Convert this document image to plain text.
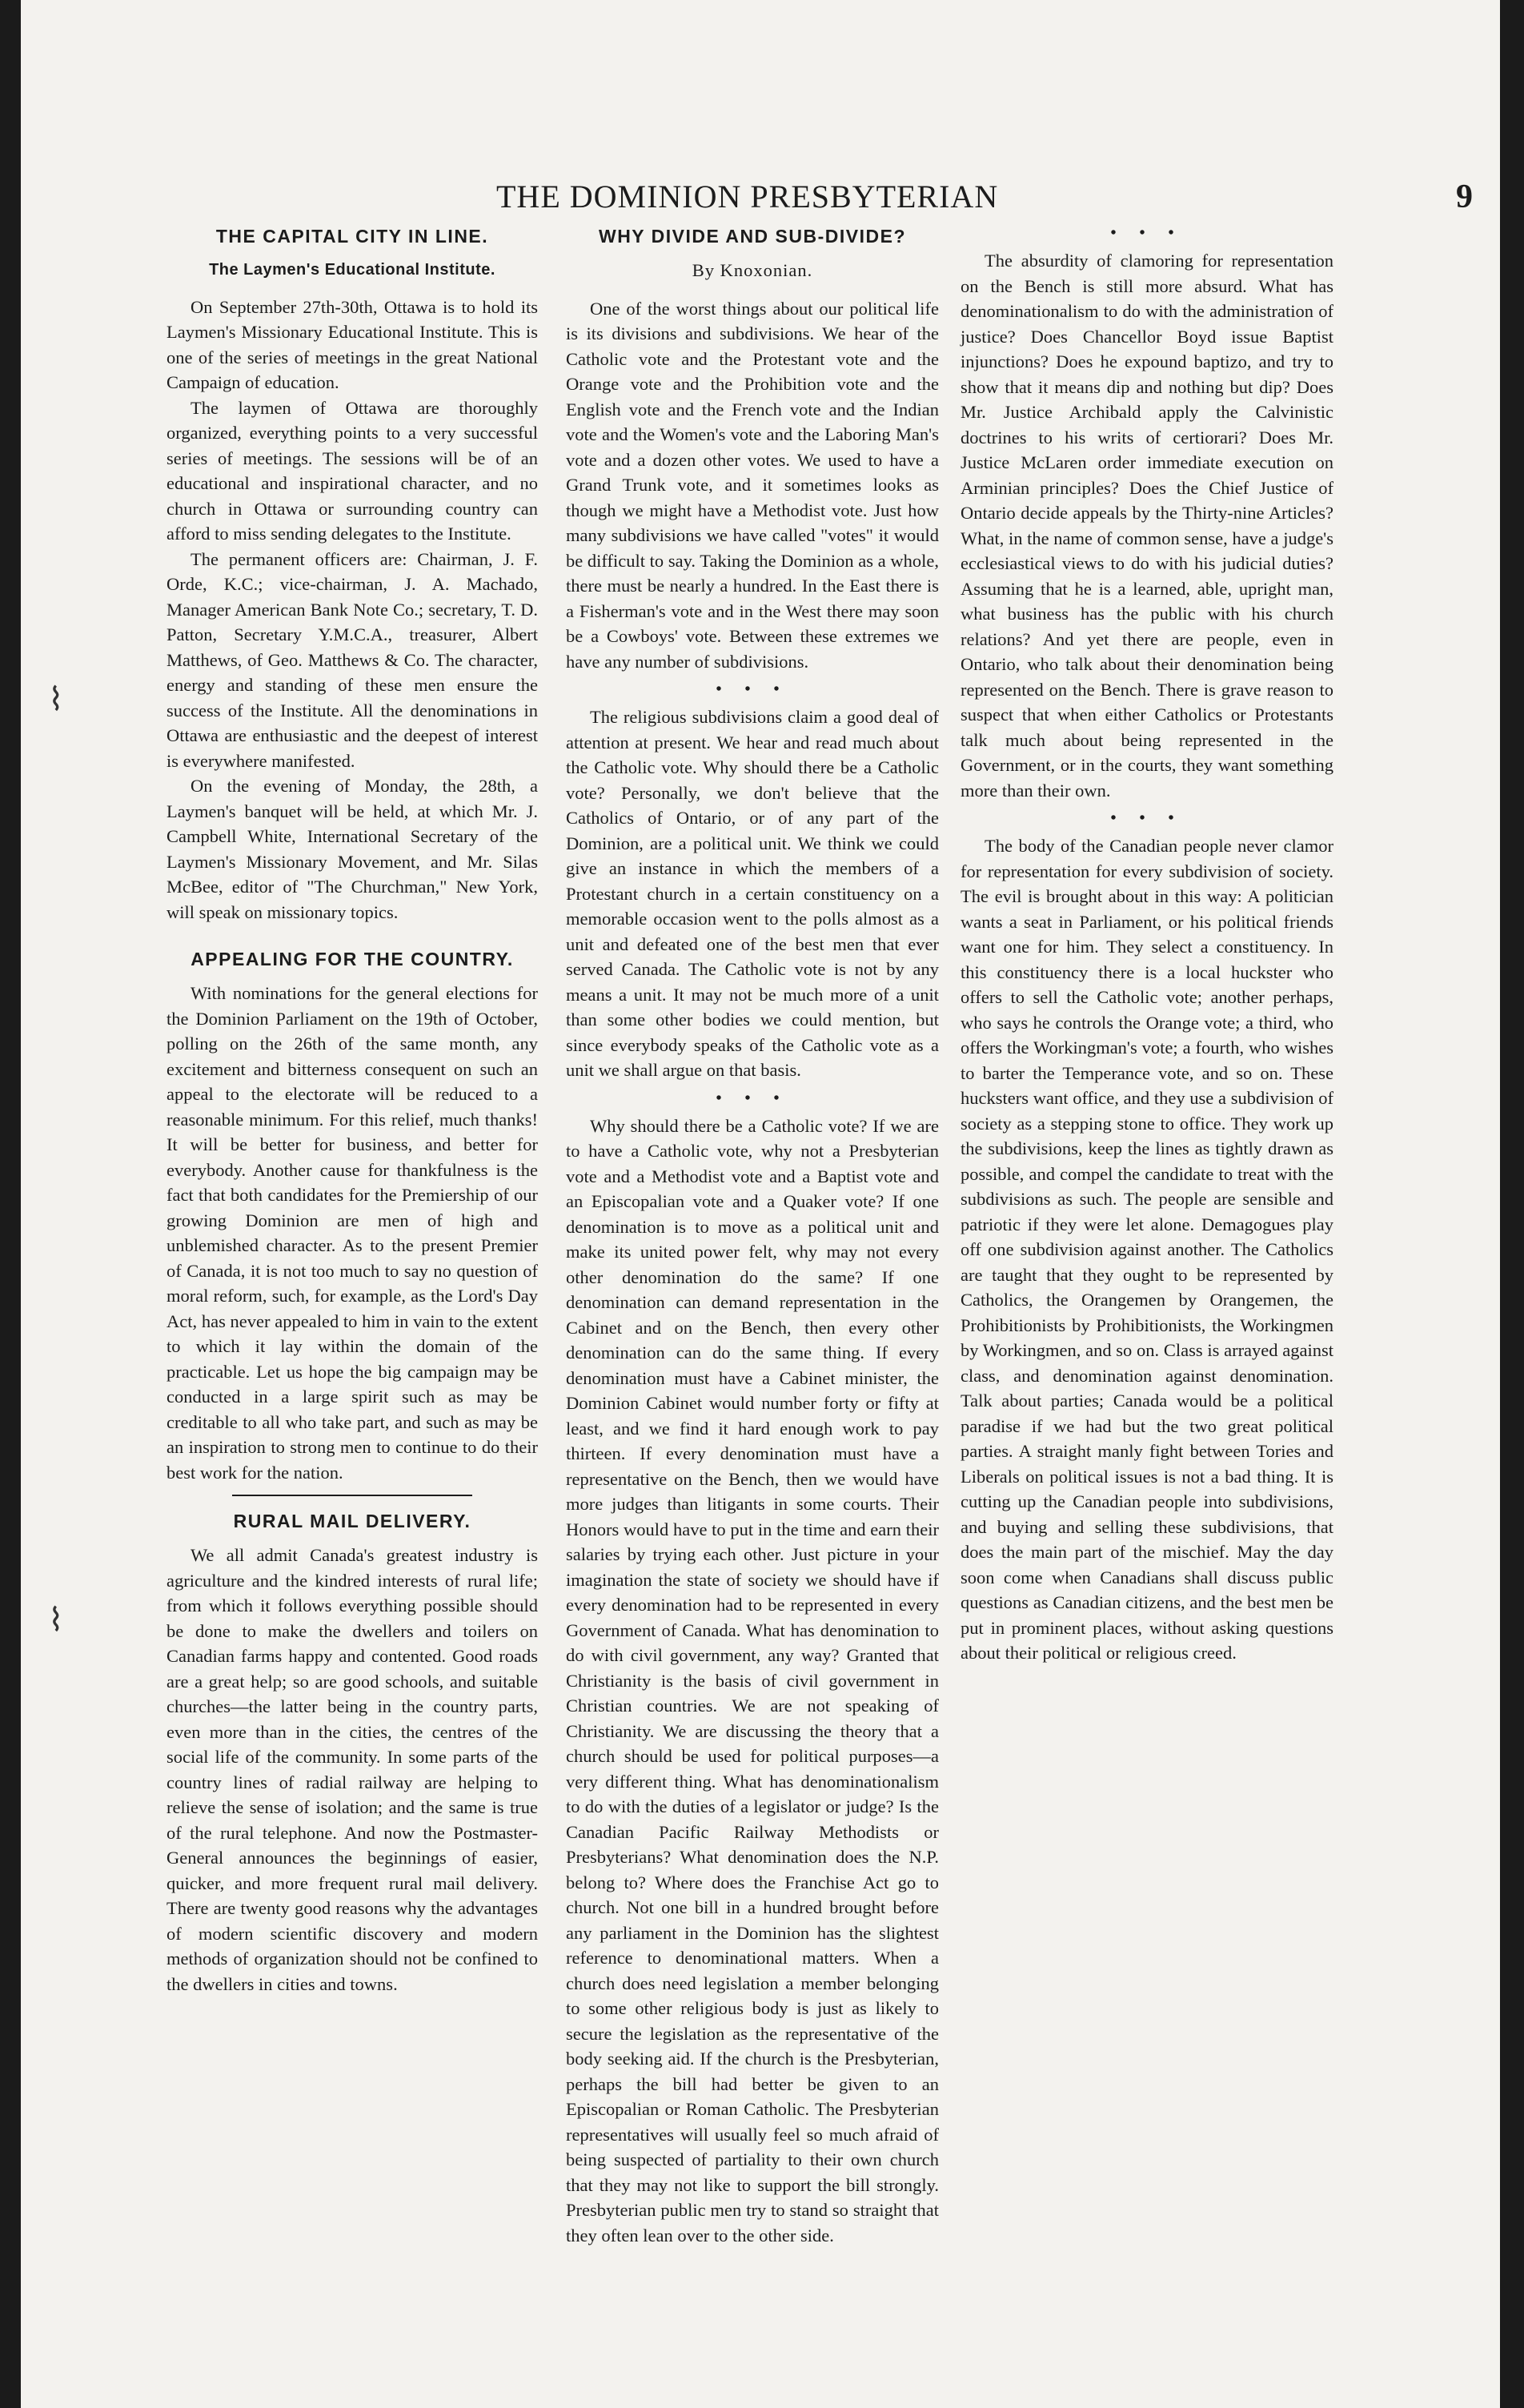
THE DOMINION PRESBYTERIAN	9
⌇
⌇
THE CAPITAL CITY IN LINE.
The Laymen's Educational Institute.

On September 27th-30th, Ottawa is to hold its Laymen's Missionary Educational Institute. This is one of the series of meetings in the great National Campaign of education.

The laymen of Ottawa are thoroughly organized, everything points to a very successful series of meetings. The sessions will be of an educational and inspirational character, and no church in Ottawa or surrounding country can afford to miss sending delegates to the Institute.

The permanent officers are: Chairman, J. F. Orde, K.C.; vice-chairman, J. A. Machado, Manager American Bank Note Co.; secretary, T. D. Patton, Secretary Y.M.C.A., treasurer, Albert Matthews, of Geo. Matthews & Co. The character, energy and standing of these men ensure the success of the Institute. All the denominations in Ottawa are enthusiastic and the deepest of interest is everywhere manifested.

On the evening of Monday, the 28th, a Laymen's banquet will be held, at which Mr. J. Campbell White, International Secretary of the Laymen's Missionary Movement, and Mr. Silas McBee, editor of "The Churchman," New York, will speak on missionary topics.

APPEALING FOR THE COUNTRY.

With nominations for the general elections for the Dominion Parliament on the 19th of October, polling on the 26th of the same month, any excitement and bitterness consequent on such an appeal to the electorate will be reduced to a reasonable minimum. For this relief, much thanks! It will be better for business, and better for everybody. Another cause for thankfulness is the fact that both candidates for the Premiership of our growing Dominion are men of high and unblemished character. As to the present Premier of Canada, it is not too much to say no question of moral reform, such, for example, as the Lord's Day Act, has never appealed to him in vain to the extent to which it lay within the domain of the practicable. Let us hope the big campaign may be conducted in a large spirit such as may be creditable to all who take part, and such as may be an inspiration to strong men to continue to do their best work for the nation.

RURAL MAIL DELIVERY.

We all admit Canada's greatest industry is agriculture and the kindred interests of rural life; from which it follows everything possible should be done to make the dwellers and toilers on Canadian farms happy and contented. Good roads are a great help; so are good schools, and suitable churches—the latter being in the country parts, even more than in the cities, the centres of the social life of the community. In some parts of the country lines of radial railway are helping to relieve the sense of isolation; and the same is true of the rural telephone. And now the Postmaster-General announces the beginnings of easier, quicker, and more frequent rural mail delivery. There are twenty good reasons why the advantages of modern scientific discovery and modern methods of organization should not be confined to the dwellers in cities and towns.

WHY DIVIDE AND SUB-DIVIDE?
By Knoxonian.

One of the worst things about our political life is its divisions and subdivisions. We hear of the Catholic vote and the Protestant vote and the Orange vote and the Prohibition vote and the English vote and the French vote and the Indian vote and the Women's vote and the Laboring Man's vote and a dozen other votes. We used to have a Grand Trunk vote, and it sometimes looks as though we might have a Methodist vote. Just how many subdivisions we have called "votes" it would be difficult to say. Taking the Dominion as a whole, there must be nearly a hundred. In the East there is a Fisherman's vote and in the West there may soon be a Cowboys' vote. Between these extremes we have any number of subdivisions.

• • •

The religious subdivisions claim a good deal of attention at present. We hear and read much about the Catholic vote. Why should there be a Catholic vote? Personally, we don't believe that the Catholics of Ontario, or of any part of the Dominion, are a political unit. We think we could give an instance in which the members of a Protestant church in a certain constituency on a memorable occasion went to the polls almost as a unit and defeated one of the best men that ever served Canada. The Catholic vote is not by any means a unit. It may not be much more of a unit than some other bodies we could mention, but since everybody speaks of the Catholic vote as a unit we shall argue on that basis.

• • •

Why should there be a Catholic vote? If we are to have a Catholic vote, why not a Presbyterian vote and a Methodist vote and a Baptist vote and an Episcopalian vote and a Quaker vote? If one denomination is to move as a political unit and make its united power felt, why may not every other denomination do the same? If one denomination can demand representation in the Cabinet and on the Bench, then every other denomination can do the same thing. If every denomination must have a Cabinet minister, the Dominion Cabinet would number forty or fifty at least, and we find it hard enough work to pay thirteen. If every denomination must have a representative on the Bench, then we would have more judges than litigants in some courts. Their Honors would have to put in the time and earn their salaries by trying each other. Just picture in your imagination the state of society we should have if every denomination had to be represented in every Government of Canada. What has denomination to do with civil government, any way? Granted that Christianity is the basis of civil government in Christian countries. We are not speaking of Christianity. We are discussing the theory that a church should be used for political purposes—a very different thing. What has denominationalism to do with the duties of a legislator or judge? Is the Canadian Pacific Railway Methodists or Presbyterians? What denomination does the N.P. belong to? Where does the Franchise Act go to church. Not one bill in a hundred brought before any parliament in the Dominion has the slightest reference to denominational matters. When a church does need legislation a member belonging to some other religious body is just as likely to secure the legislation as the representative of the body seeking aid. If the church is the Presbyterian, perhaps the bill had better be given to an Episcopalian or Roman Catholic. The Presbyterian representatives will usually feel so much afraid of being suspected of partiality to their own church that they may not like to support the bill strongly. Presbyterian public men try to stand so straight that they often lean over to the other side.

• • •

The absurdity of clamoring for representation on the Bench is still more absurd. What has denominationalism to do with the administration of justice? Does Chancellor Boyd issue Baptist injunctions? Does he expound baptizo, and try to show that it means dip and nothing but dip? Does Mr. Justice Archibald apply the Calvinistic doctrines to his writs of certiorari? Does Mr. Justice McLaren order immediate execution on Arminian principles? Does the Chief Justice of Ontario decide appeals by the Thirty-nine Articles? What, in the name of common sense, have a judge's ecclesiastical views to do with his judicial duties? Assuming that he is a learned, able, upright man, what business has the public with his church relations? And yet there are people, even in Ontario, who talk about their denomination being represented on the Bench. There is grave reason to suspect that when either Catholics or Protestants talk much about being represented in the Government, or in the courts, they want something more than their own.

• • •

The body of the Canadian people never clamor for representation for every subdivision of society. The evil is brought about in this way: A politician wants a seat in Parliament, or his political friends want one for him. They select a constituency. In this constituency there is a local huckster who offers to sell the Catholic vote; another perhaps, who says he controls the Orange vote; a third, who offers the Workingman's vote; a fourth, who wishes to barter the Temperance vote, and so on. These hucksters want office, and they use a subdivision of society as a stepping stone to office. They work up the subdivisions, keep the lines as tightly drawn as possible, and compel the candidate to treat with the subdivisions as such. The people are sensible and patriotic if they were let alone. Demagogues play off one subdivision against another. The Catholics are taught that they ought to be represented by Catholics, the Orangemen by Orangemen, the Prohibitionists by Prohibitionists, the Workingmen by Workingmen, and so on. Class is arrayed against class, and denomination against denomination. Talk about parties; Canada would be a political paradise if we had but the two great political parties. A straight manly fight between Tories and Liberals on political issues is not a bad thing. It is cutting up the Canadian people into subdivisions, and buying and selling these subdivisions, that does the main part of the mischief. May the day soon come when Canadians shall discuss public questions as Canadian citizens, and the best men be put in prominent places, without asking questions about their political or religious creed.
